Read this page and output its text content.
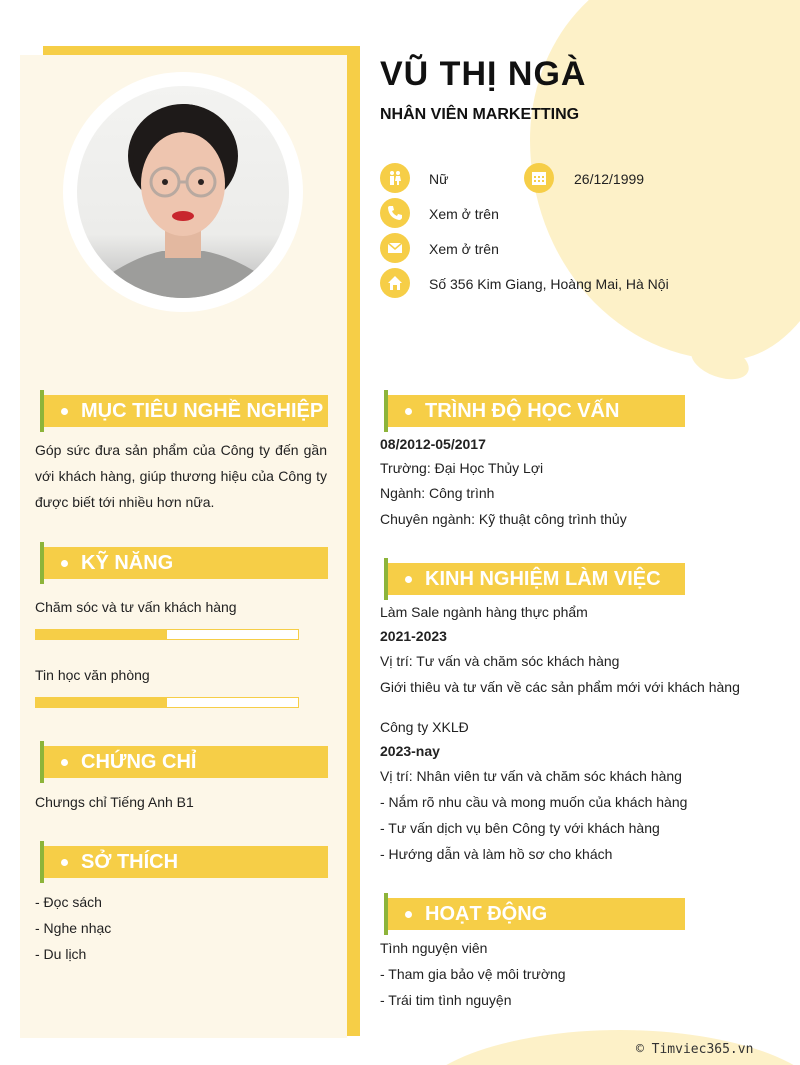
VŨ THỊ NGÀ
NHÂN VIÊN MARKETTING
Nữ	26/12/1999
Xem ở trên
Xem ở trên
Số 356 Kim Giang, Hoàng Mai, Hà Nội
MỤC TIÊU NGHỀ NGHIỆP
Góp sức đưa sản phẩm của Công ty đến gần với khách hàng, giúp thương hiệu của Công ty được biết tới nhiều hơn nữa.
KỸ NĂNG
Chăm sóc và tư vấn khách hàng
Tin học văn phòng
CHỨNG CHỈ
Chưngs chỉ Tiếng Anh B1
SỞ THÍCH
- Đọc sách
- Nghe nhạc
- Du lịch
TRÌNH ĐỘ HỌC VẤN
08/2012-05/2017
Trường: Đại Học Thủy Lợi
Ngành: Công trình
Chuyên ngành: Kỹ thuật công trình thủy
KINH NGHIỆM LÀM VIỆC
Làm Sale ngành hàng thực phẩm
2021-2023
Vị trí: Tư vấn và chăm sóc khách hàng
Giới thiêu và tư vấn về các sản phẩm mới với khách hàng
Công ty XKLĐ
2023-nay
Vị trí: Nhân viên tư vấn và chăm sóc khách hàng
- Nắm rõ nhu cầu và mong muốn của khách hàng
- Tư vấn dịch vụ bên Công ty với khách hàng
- Hướng dẫn và làm hồ sơ cho khách
HOẠT ĐỘNG
Tình nguyện viên
- Tham gia bảo vệ môi trường
- Trái tim tình nguyện
© Timviec365.vn
